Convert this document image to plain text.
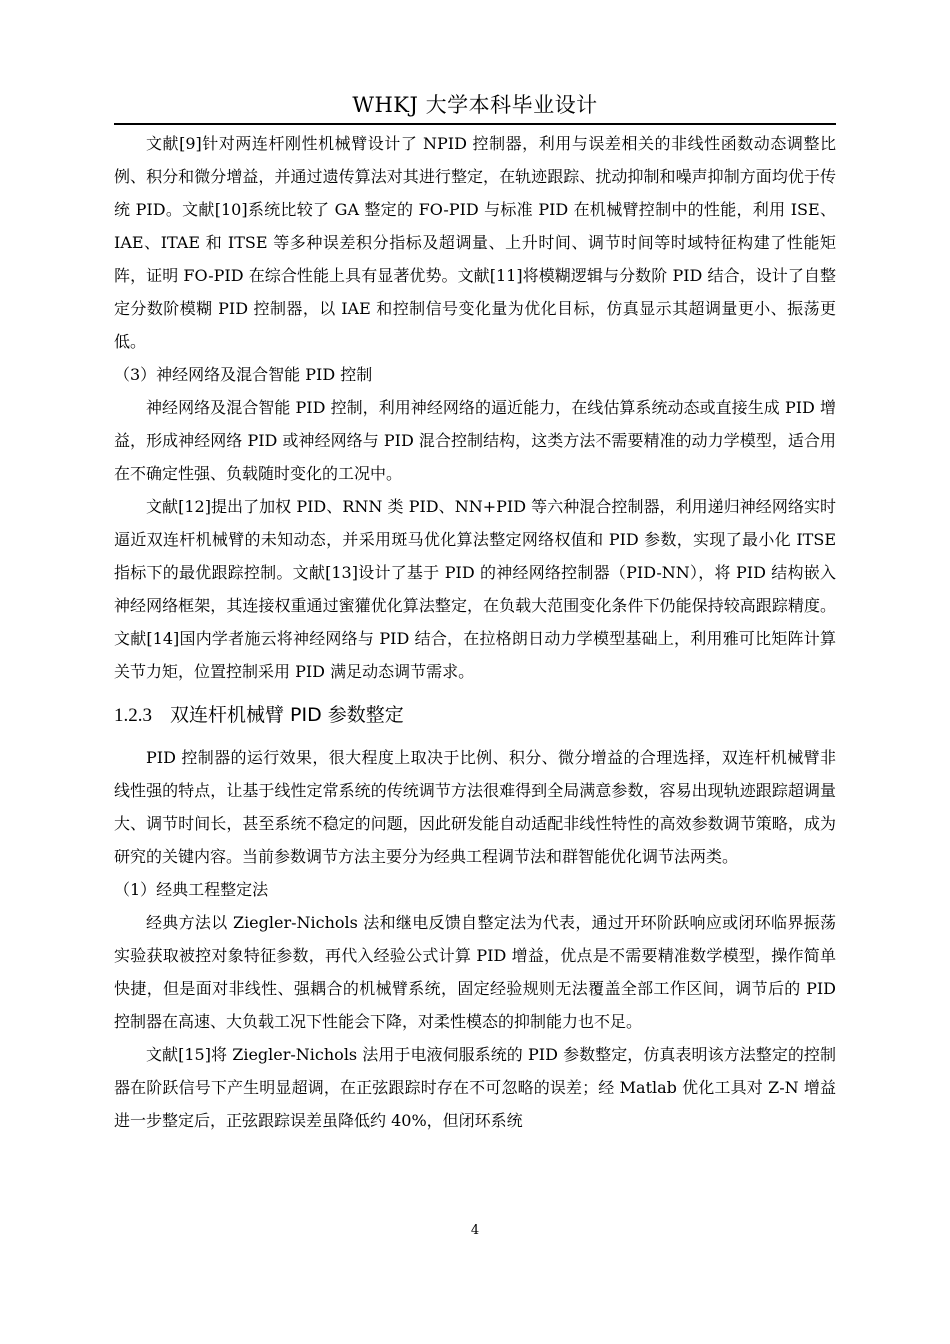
WHKJ 大学本科毕业设计

文献[9]针对两连杆刚性机械臂设计了 NPID 控制器，利用与误差相关的非线性函数动态调整比例、积分和微分增益，并通过遗传算法对其进行整定，在轨迹跟踪、扰动抑制和噪声抑制方面均优于传统 PID。文献[10]系统比较了 GA 整定的 FO-PID 与标准 PID 在机械臂控制中的性能，利用 ISE、IAE、ITAE 和 ITSE 等多种误差积分指标及超调量、上升时间、调节时间等时域特征构建了性能矩阵，证明 FO-PID 在综合性能上具有显著优势。文献[11]将模糊逻辑与分数阶 PID 结合，设计了自整定分数阶模糊 PID 控制器，以 IAE 和控制信号变化量为优化目标，仿真显示其超调量更小、振荡更低。

（3）神经网络及混合智能 PID 控制

神经网络及混合智能 PID 控制，利用神经网络的逼近能力，在线估算系统动态或直接生成 PID 增益，形成神经网络 PID 或神经网络与 PID 混合控制结构，这类方法不需要精准的动力学模型，适合用在不确定性强、负载随时变化的工况中。

文献[12]提出了加权 PID、RNN 类 PID、NN+PID 等六种混合控制器，利用递归神经网络实时逼近双连杆机械臂的未知动态，并采用斑马优化算法整定网络权值和 PID 参数，实现了最小化 ITSE 指标下的最优跟踪控制。文献[13]设计了基于 PID 的神经网络控制器（PID-NN），将 PID 结构嵌入神经网络框架，其连接权重通过蜜獾优化算法整定，在负载大范围变化条件下仍能保持较高跟踪精度。文献[14]国内学者施云将神经网络与 PID 结合，在拉格朗日动力学模型基础上，利用雅可比矩阵计算关节力矩，位置控制采用 PID 满足动态调节需求。

1.2.3 双连杆机械臂 PID 参数整定

PID 控制器的运行效果，很大程度上取决于比例、积分、微分增益的合理选择，双连杆机械臂非线性强的特点，让基于线性定常系统的传统调节方法很难得到全局满意参数，容易出现轨迹跟踪超调量大、调节时间长，甚至系统不稳定的问题，因此研发能自动适配非线性特性的高效参数调节策略，成为研究的关键内容。当前参数调节方法主要分为经典工程调节法和群智能优化调节法两类。

（1）经典工程整定法

经典方法以 Ziegler-Nichols 法和继电反馈自整定法为代表，通过开环阶跃响应或闭环临界振荡实验获取被控对象特征参数，再代入经验公式计算 PID 增益，优点是不需要精准数学模型，操作简单快捷，但是面对非线性、强耦合的机械臂系统，固定经验规则无法覆盖全部工作区间，调节后的 PID 控制器在高速、大负载工况下性能会下降，对柔性模态的抑制能力也不足。

文献[15]将 Ziegler-Nichols 法用于电液伺服系统的 PID 参数整定，仿真表明该方法整定的控制器在阶跃信号下产生明显超调，在正弦跟踪时存在不可忽略的误差；经 Matlab 优化工具对 Z-N 增益进一步整定后，正弦跟踪误差虽降低约 40%，但闭环系统

4
